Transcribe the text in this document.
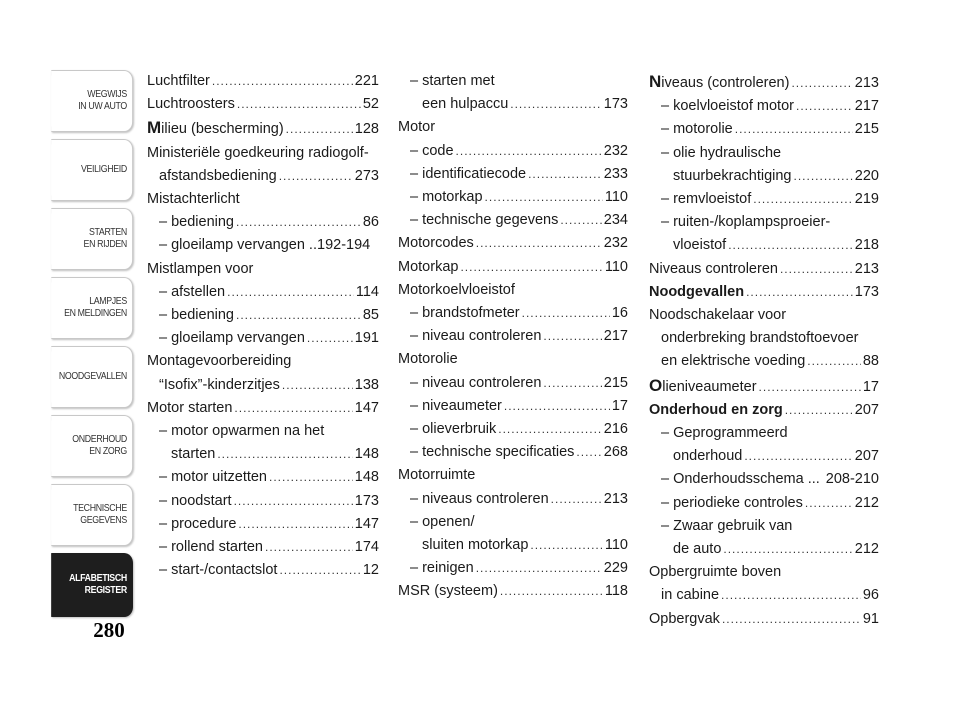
WEGWIJS
IN UW AUTO
VEILIGHEID
STARTEN
EN RIJDEN
LAMPJES
EN MELDINGEN
NOODGEVALLEN
ONDERHOUD
EN ZORG
TECHNISCHE
GEGEVENS
ALFABETISCH
REGISTER
280
Luchtfilter .....	221
Luchtroosters .....	52
Milieu (bescherming) .....	128
Ministeriële goedkeuring radiogolf-
afstandsbediening .....	273
Mistachterlicht
– bediening .....	86
– gloeilamp vervangen .. 192-194
Mistlampen voor
– afstellen .....	114
– bediening .....	85
– gloeilamp vervangen .....	191
Montagevoorbereiding
“Isofix”-kinderzitjes .....	138
Motor starten .....	147
– motor opwarmen na het
starten .....	148
– motor uitzetten .....	148
– noodstart .....	173
– procedure .....	147
– rollend starten .....	174
– start-/contactslot .....	12
– starten met
een hulpaccu .....	173
Motor
– code .....	232
– identificatiecode .....	233
– motorkap .....	110
– technische gegevens .....	234
Motorcodes .....	232
Motorkap .....	110
Motorkoelvloeistof
– brandstofmeter .....	16
– niveau controleren .....	217
Motorolie
– niveau controleren .....	215
– niveaumeter .....	17
– olieverbruik .....	216
– technische specificaties ..... 268
Motorruimte
– niveaus controleren .....	213
– openen/
sluiten motorkap .....	110
– reinigen .....	229
MSR (systeem) .....	118
Niveaus (controleren) .....	213
– koelvloeistof motor .....	217
– motorolie .....	215
– olie hydraulische
stuurbekrachtiging .....	220
– remvloeistof .....	219
– ruiten-/koplampsproeier-
vloeistof .....	218
Niveaus controleren .....	213
Noodgevallen .....	173
Noodschakelaar voor
onderbreking brandstoftoevoer
en elektrische voeding .....	88
Olieniveaumeter .....	17
Onderhoud en zorg .....	207
– Geprogrammeerd
onderhoud .....	207
– Onderhoudsschema ... 208-210
– periodieke controles .....	212
– Zwaar gebruik van
de auto .....	212
Opbergruimte boven
in cabine .....	96
Opbergvak .....	91
